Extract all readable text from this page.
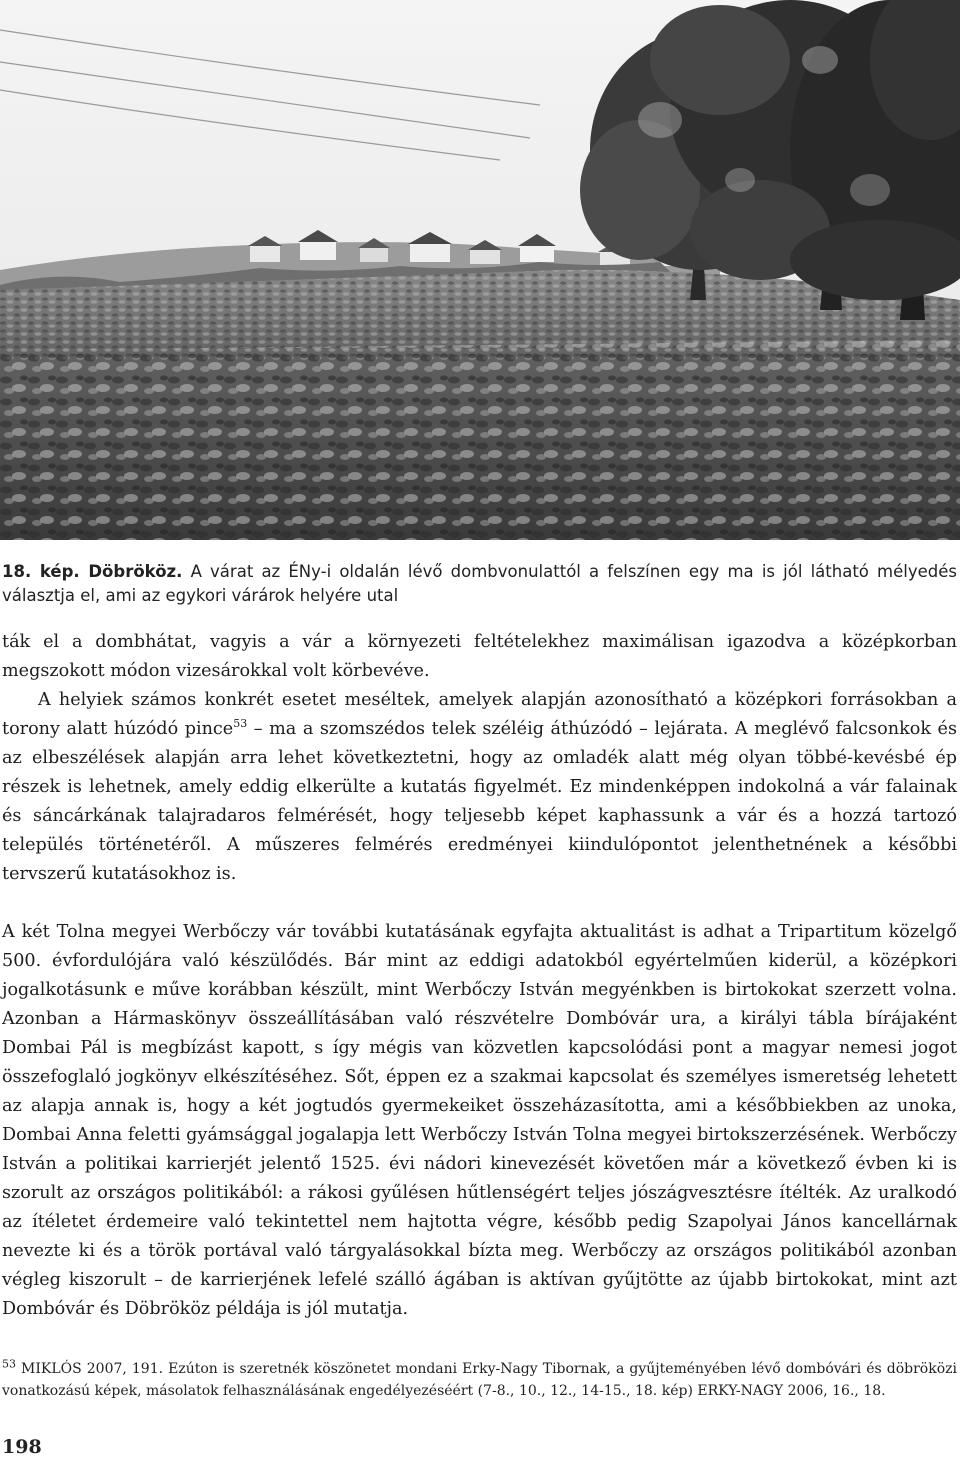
18. kép. Döbrököz. A várat az ÉNy-i oldalán lévő dombvonulattól a felszínen egy ma is jól látható mélyedés választja el, ami az egykori várárok helyére utal

ták el a dombhátat, vagyis a vár a környezeti feltételekhez maximálisan igazodva a középkorban megszokott módon vizesárokkal volt körbevéve.

A helyiek számos konkrét esetet meséltek, amelyek alapján azonosítható a középkori forrásokban a torony alatt húzódó pince$^{53}$ – ma a szomszédos telek széléig áthúzódó – lejárata. A meglévő falcsonkok és az elbeszélések alapján arra lehet következtetni, hogy az omladék alatt még olyan többé-kevésbé ép részek is lehetnek, amely eddig elkerülte a kutatás figyelmét. Ez mindenképpen indokolná a vár falainak és sáncárkának talajradaros felmérését, hogy teljesebb képet kaphassunk a vár és a hozzá tartozó település történetéről. A műszeres felmérés eredményei kiindulópontot jelenthetnének a későbbi tervszerű kutatásokhoz is.

A két Tolna megyei Werbőczy vár további kutatásának egyfajta aktualitást is adhat a Tripartitum közelgő 500. évfordulójára való készülődés. Bár mint az eddigi adatokból egyértelműen kiderül, a középkori jogalkotásunk e műve korábban készült, mint Werbőczy István megyénkben is birtokokat szerzett volna. Azonban a Hármaskönyv összeállításában való részvételre Dombóvár ura, a királyi tábla bírájaként Dombai Pál is megbízást kapott, s így mégis van közvetlen kapcsolódási pont a magyar nemesi jogot összefoglaló jogkönyv elkészítéséhez. Sőt, éppen ez a szakmai kapcsolat és személyes ismeretség lehetett az alapja annak is, hogy a két jogtudós gyermekeiket összeházasította, ami a későbbiekben az unoka, Dombai Anna feletti gyámsággal jogalapja lett Werbőczy István Tolna megyei birtokszerzésének. Werbőczy István a politikai karrierjét jelentő 1525. évi nádori kinevezését követően már a következő évben ki is szorult az országos politikából: a rákosi gyűlésen hűtlenségért teljes jószágvesztésre ítélték. Az uralkodó az ítéletet érdemeire való tekintettel nem hajtotta végre, később pedig Szapolyai János kancellárnak nevezte ki és a török portával való tárgyalásokkal bízta meg. Werbőczy az országos politikából azonban végleg kiszorult – de karrierjének lefelé szálló ágában is aktívan gyűjtötte az újabb birtokokat, mint azt Dombóvár és Döbrököz példája is jól mutatja.

$^{53}$ MIKLÓS 2007, 191. Ezúton is szeretnék köszönetet mondani Erky-Nagy Tibornak, a gyűjteményében lévő dombóvári és döbröközi vonatkozású képek, másolatok felhasználásának engedélyezéséért (7-8., 10., 12., 14-15., 18. kép) ERKY-NAGY 2006, 16., 18.
198
